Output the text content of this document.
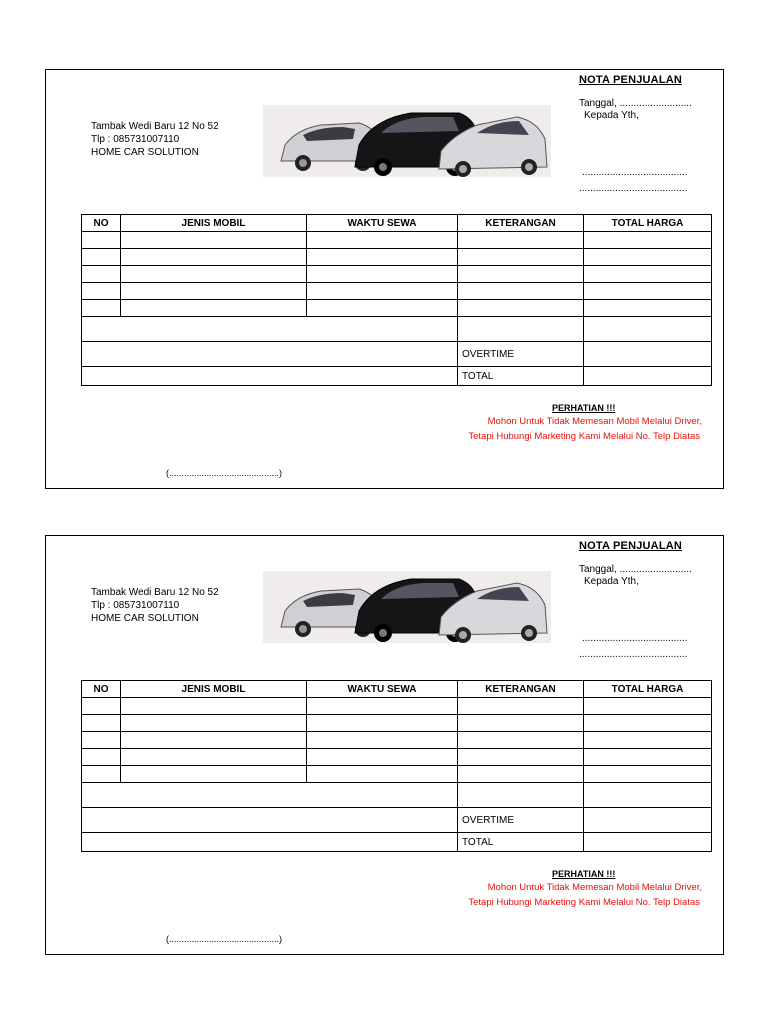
NOTA PENJUALAN
Tanggal, ..........................
Kepada Yth,
......................................
.......................................
Tambak Wedi Baru 12 No 52
Tlp : 085731007110
HOME CAR SOLUTION
NO	JENIS MOBIL	WAKTU SEWA	KETERANGAN	TOTAL HARGA

			OVERTIME	
			TOTAL	
PERHATIAN !!!
Mohon Untuk Tidak Memesan Mobil Melalui Driver,
Tetapi Hubungi Marketing Kami Melalui No. Telp Diatas
(............................................)
NOTA PENJUALAN
Tanggal, ..........................
Kepada Yth,
......................................
.......................................
Tambak Wedi Baru 12 No 52
Tlp : 085731007110
HOME CAR SOLUTION
NO	JENIS MOBIL	WAKTU SEWA	KETERANGAN	TOTAL HARGA

			OVERTIME	
			TOTAL	
PERHATIAN !!!
Mohon Untuk Tidak Memesan Mobil Melalui Driver,
Tetapi Hubungi Marketing Kami Melalui No. Telp Diatas
(............................................)
